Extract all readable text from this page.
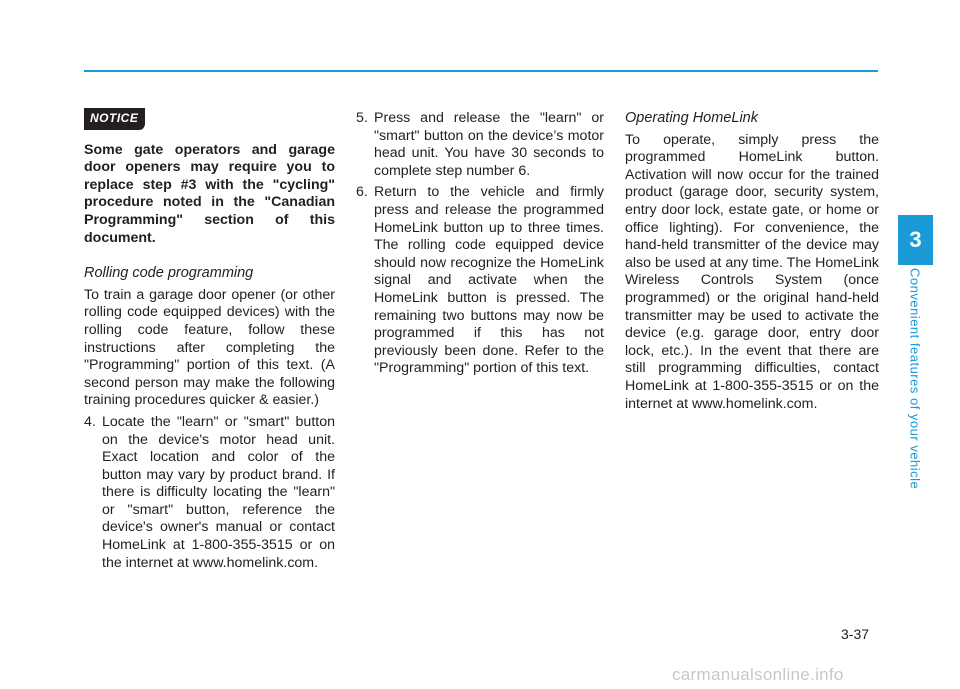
NOTICE

Some gate operators and garage door openers may require you to replace step #3 with the "cycling" procedure noted in the "Canadian Programming" section of this document.

Rolling code programming

To train a garage door opener (or other rolling code equipped devices) with the rolling code feature, follow these instructions after completing the "Programming" portion of this text. (A second person may make the following training procedures quicker & easier.)

4. Locate the "learn" or "smart" button on the device's motor head unit. Exact location and color of the button may vary by product brand. If there is difficulty locating the "learn" or "smart" button, reference the device's owner's manual or contact HomeLink at 1-800-355-3515 or on the internet at www.homelink.com.
5. Press and release the "learn" or "smart" button on the device’s motor head unit. You have 30 seconds to complete step number 6.
6. Return to the vehicle and firmly press and release the programmed HomeLink button up to three times. The rolling code equipped device should now recognize the HomeLink signal and activate when the HomeLink button is pressed. The remaining two buttons may now be programmed if this has not previously been done. Refer to the "Programming" portion of this text.
Operating HomeLink

To operate, simply press the programmed HomeLink button. Activation will now occur for the trained product (garage door, security system, entry door lock, estate gate, or home or office lighting). For convenience, the hand-held transmitter of the device may also be used at any time. The HomeLink Wireless Controls System (once programmed) or the original hand-held transmitter may be used to activate the device (e.g. garage door, entry door lock, etc.). In the event that there are still programming difficulties, contact HomeLink at 1-800-355-3515 or on the internet at www.homelink.com.

3
Convenient features of your vehicle
3-37
carmanualsonline.info
